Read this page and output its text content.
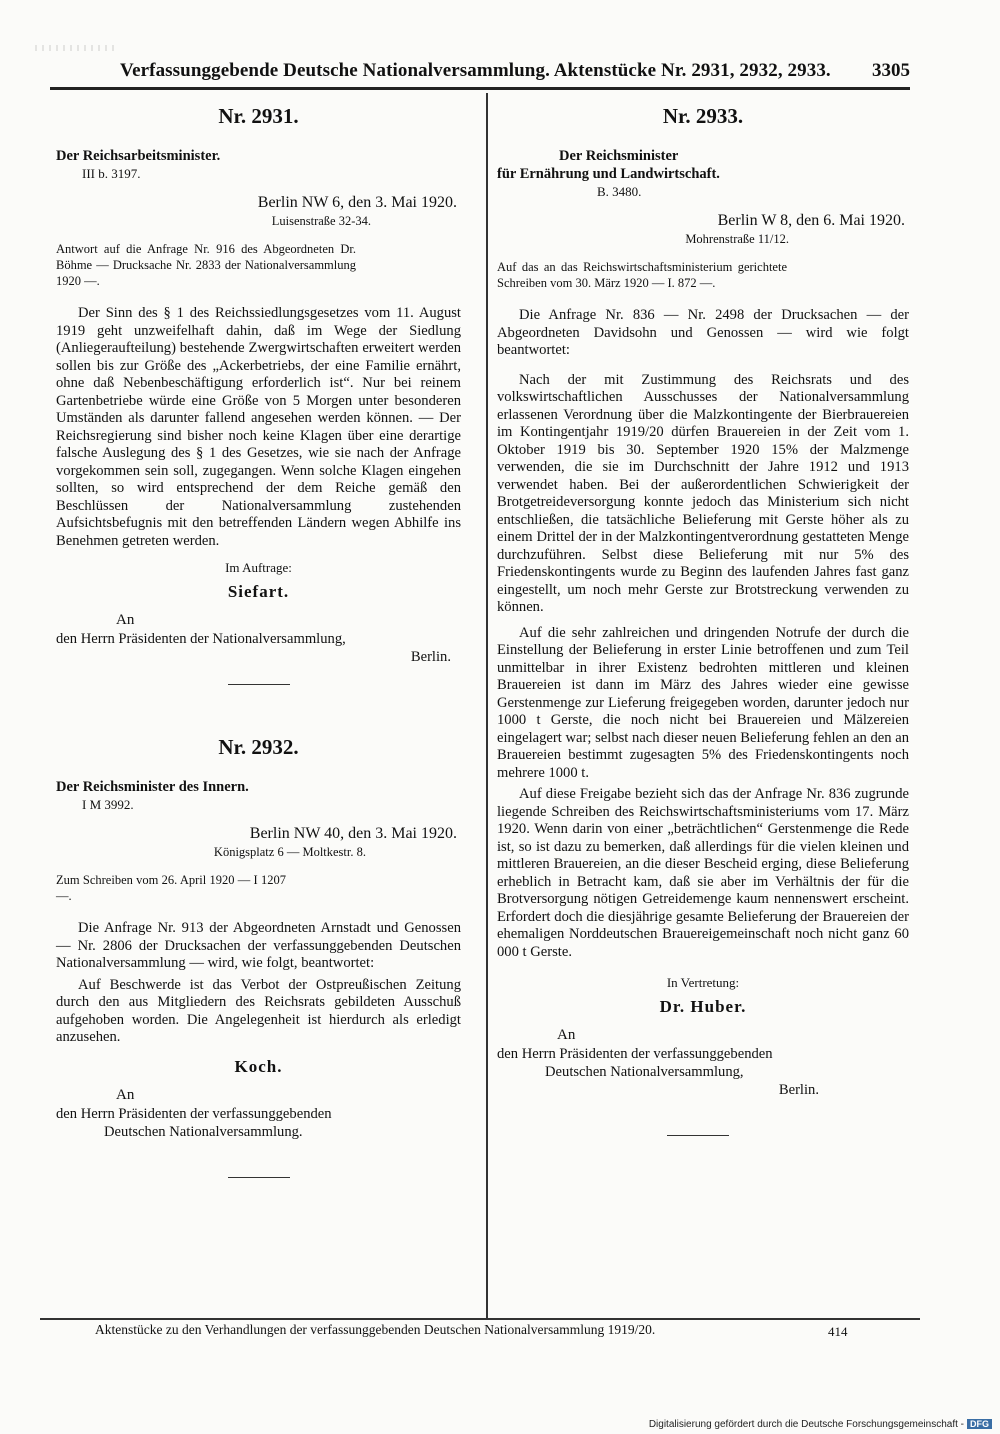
Verfassunggebende Deutsche Nationalversammlung. Aktenstücke Nr. 2931, 2932, 2933. 3305
Nr. 2931.
Der Reichsarbeitsminister.
III b. 3197.
Berlin NW 6, den 3. Mai 1920.
Luisenstraße 32-34.
Antwort auf die Anfrage Nr. 916 des Abgeordneten Dr. Böhme — Drucksache Nr. 2833 der Nationalversammlung 1920 —.

Der Sinn des § 1 des Reichssiedlungsgesetzes vom 11. August 1919 geht unzweifelhaft dahin, daß im Wege der Siedlung (Anliegeraufteilung) bestehende Zwergwirtschaften erweitert werden sollen bis zur Größe des „Ackerbetriebs, der eine Familie ernährt, ohne daß Nebenbeschäftigung erforderlich ist“. Nur bei reinem Gartenbetriebe würde eine Größe von 5 Morgen unter besonderen Umständen als darunter fallend angesehen werden können. — Der Reichsregierung sind bisher noch keine Klagen über eine derartige falsche Auslegung des § 1 des Gesetzes, wie sie nach der Anfrage vorgekommen sein soll, zugegangen. Wenn solche Klagen eingehen sollten, so wird entsprechend der dem Reiche gemäß den Beschlüssen der Nationalversammlung zustehenden Aufsichtsbefugnis mit den betreffenden Ländern wegen Abhilfe ins Benehmen getreten werden.

Im Auftrage:
Siefart.
An
den Herrn Präsidenten der Nationalversammlung,
Berlin.
Nr. 2932.
Der Reichsminister des Innern.
I M 3992.
Berlin NW 40, den 3. Mai 1920.
Königsplatz 6 — Moltkestr. 8.
Zum Schreiben vom 26. April 1920 — I 1207 —.

Die Anfrage Nr. 913 der Abgeordneten Arnstadt und Genossen — Nr. 2806 der Drucksachen der verfassunggebenden Deutschen Nationalversammlung — wird, wie folgt, beantwortet:

Auf Beschwerde ist das Verbot der Ostpreußischen Zeitung durch den aus Mitgliedern des Reichsrats gebildeten Ausschuß aufgehoben worden. Die Angelegenheit ist hierdurch als erledigt anzusehen.

Koch.
An
den Herrn Präsidenten der verfassunggebenden
Deutschen Nationalversammlung.
Nr. 2933.
Der Reichsminister
für Ernährung und Landwirtschaft.
B. 3480.
Berlin W 8, den 6. Mai 1920.
Mohrenstraße 11/12.
Auf das an das Reichswirtschaftsministerium gerichtete Schreiben vom 30. März 1920 — I. 872 —.

Die Anfrage Nr. 836 — Nr. 2498 der Drucksachen — der Abgeordneten Davidsohn und Genossen — wird wie folgt beantwortet:

Nach der mit Zustimmung des Reichsrats und des volkswirtschaftlichen Ausschusses der Nationalversammlung erlassenen Verordnung über die Malzkontingente der Bierbrauereien im Kontingentjahr 1919/20 dürfen Brauereien in der Zeit vom 1. Oktober 1919 bis 30. September 1920 15% der Malzmenge verwenden, die sie im Durchschnitt der Jahre 1912 und 1913 verwendet haben. Bei der außerordentlichen Schwierigkeit der Brotgetreideversorgung konnte jedoch das Ministerium sich nicht entschließen, die tatsächliche Belieferung mit Gerste höher als zu einem Drittel der in der Malzkontingentverordnung gestatteten Menge durchzuführen. Selbst diese Belieferung mit nur 5% des Friedenskontingents wurde zu Beginn des laufenden Jahres fast ganz eingestellt, um noch mehr Gerste zur Brotstreckung verwenden zu können.

Auf die sehr zahlreichen und dringenden Notrufe der durch die Einstellung der Belieferung in erster Linie betroffenen und zum Teil unmittelbar in ihrer Existenz bedrohten mittleren und kleinen Brauereien ist dann im März des Jahres wieder eine gewisse Gerstenmenge zur Lieferung freigegeben worden, darunter jedoch nur 1000 t Gerste, die noch nicht bei Brauereien und Mälzereien eingelagert war; selbst nach dieser neuen Belieferung fehlen an den an Brauereien bestimmt zugesagten 5% des Friedenskontingents noch mehrere 1000 t.

Auf diese Freigabe bezieht sich das der Anfrage Nr. 836 zugrunde liegende Schreiben des Reichswirtschaftsministeriums vom 17. März 1920. Wenn darin von einer „beträchtlichen“ Gerstenmenge die Rede ist, so ist dazu zu bemerken, daß allerdings für die vielen kleinen und mittleren Brauereien, an die dieser Bescheid erging, diese Belieferung erheblich in Betracht kam, daß sie aber im Verhältnis der für die Brotversorgung nötigen Getreidemenge kaum nennenswert erscheint. Erfordert doch die diesjährige gesamte Belieferung der Brauereien der ehemaligen Norddeutschen Brauereigemeinschaft noch nicht ganz 60 000 t Gerste.

In Vertretung:
Dr. Huber.
An
den Herrn Präsidenten der verfassunggebenden
Deutschen Nationalversammlung,
Berlin.
Aktenstücke zu den Verhandlungen der verfassunggebenden Deutschen Nationalversammlung 1919/20.	414
Digitalisierung gefördert durch die Deutsche Forschungsgemeinschaft - DFG
